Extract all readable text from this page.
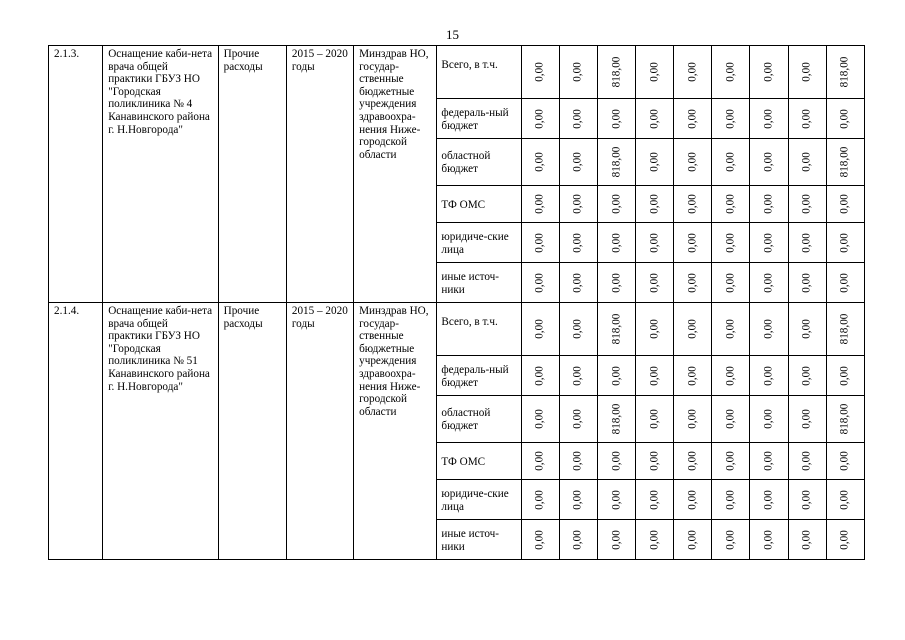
15
2.1.3.	Оснащение каби-нета врача общей практики ГБУЗ НО "Городская поликлиника № 4 Канавинского района г. Н.Новгорода"	Прочие расходы	2015 – 2020 годы	Минздрав НО, государ-ственные бюджетные учреждения здравоохра-нения Ниже-городской области	Всего, в т.ч.	0,00	0,00	818,00	0,00	0,00	0,00	0,00	0,00	818,00

					федераль-ный бюджет	0,00	0,00	0,00	0,00	0,00	0,00	0,00	0,00	0,00

					областной бюджет	0,00	0,00	818,00	0,00	0,00	0,00	0,00	0,00	818,00

					ТФ ОМС	0,00	0,00	0,00	0,00	0,00	0,00	0,00	0,00	0,00

					юридиче-ские лица	0,00	0,00	0,00	0,00	0,00	0,00	0,00	0,00	0,00

					иные источ-ники	0,00	0,00	0,00	0,00	0,00	0,00	0,00	0,00	0,00

2.1.4.	Оснащение каби-нета врача общей практики ГБУЗ НО "Городская поликлиника № 51 Канавинского района г. Н.Новгорода"	Прочие расходы	2015 – 2020 годы	Минздрав НО, государ-ственные бюджетные учреждения здравоохра-нения Ниже-городской области	Всего, в т.ч.	0,00	0,00	818,00	0,00	0,00	0,00	0,00	0,00	818,00

					федераль-ный бюджет	0,00	0,00	0,00	0,00	0,00	0,00	0,00	0,00	0,00

					областной бюджет	0,00	0,00	818,00	0,00	0,00	0,00	0,00	0,00	818,00

					ТФ ОМС	0,00	0,00	0,00	0,00	0,00	0,00	0,00	0,00	0,00

					юридиче-ские лица	0,00	0,00	0,00	0,00	0,00	0,00	0,00	0,00	0,00

					иные источ-ники	0,00	0,00	0,00	0,00	0,00	0,00	0,00	0,00	0,00
